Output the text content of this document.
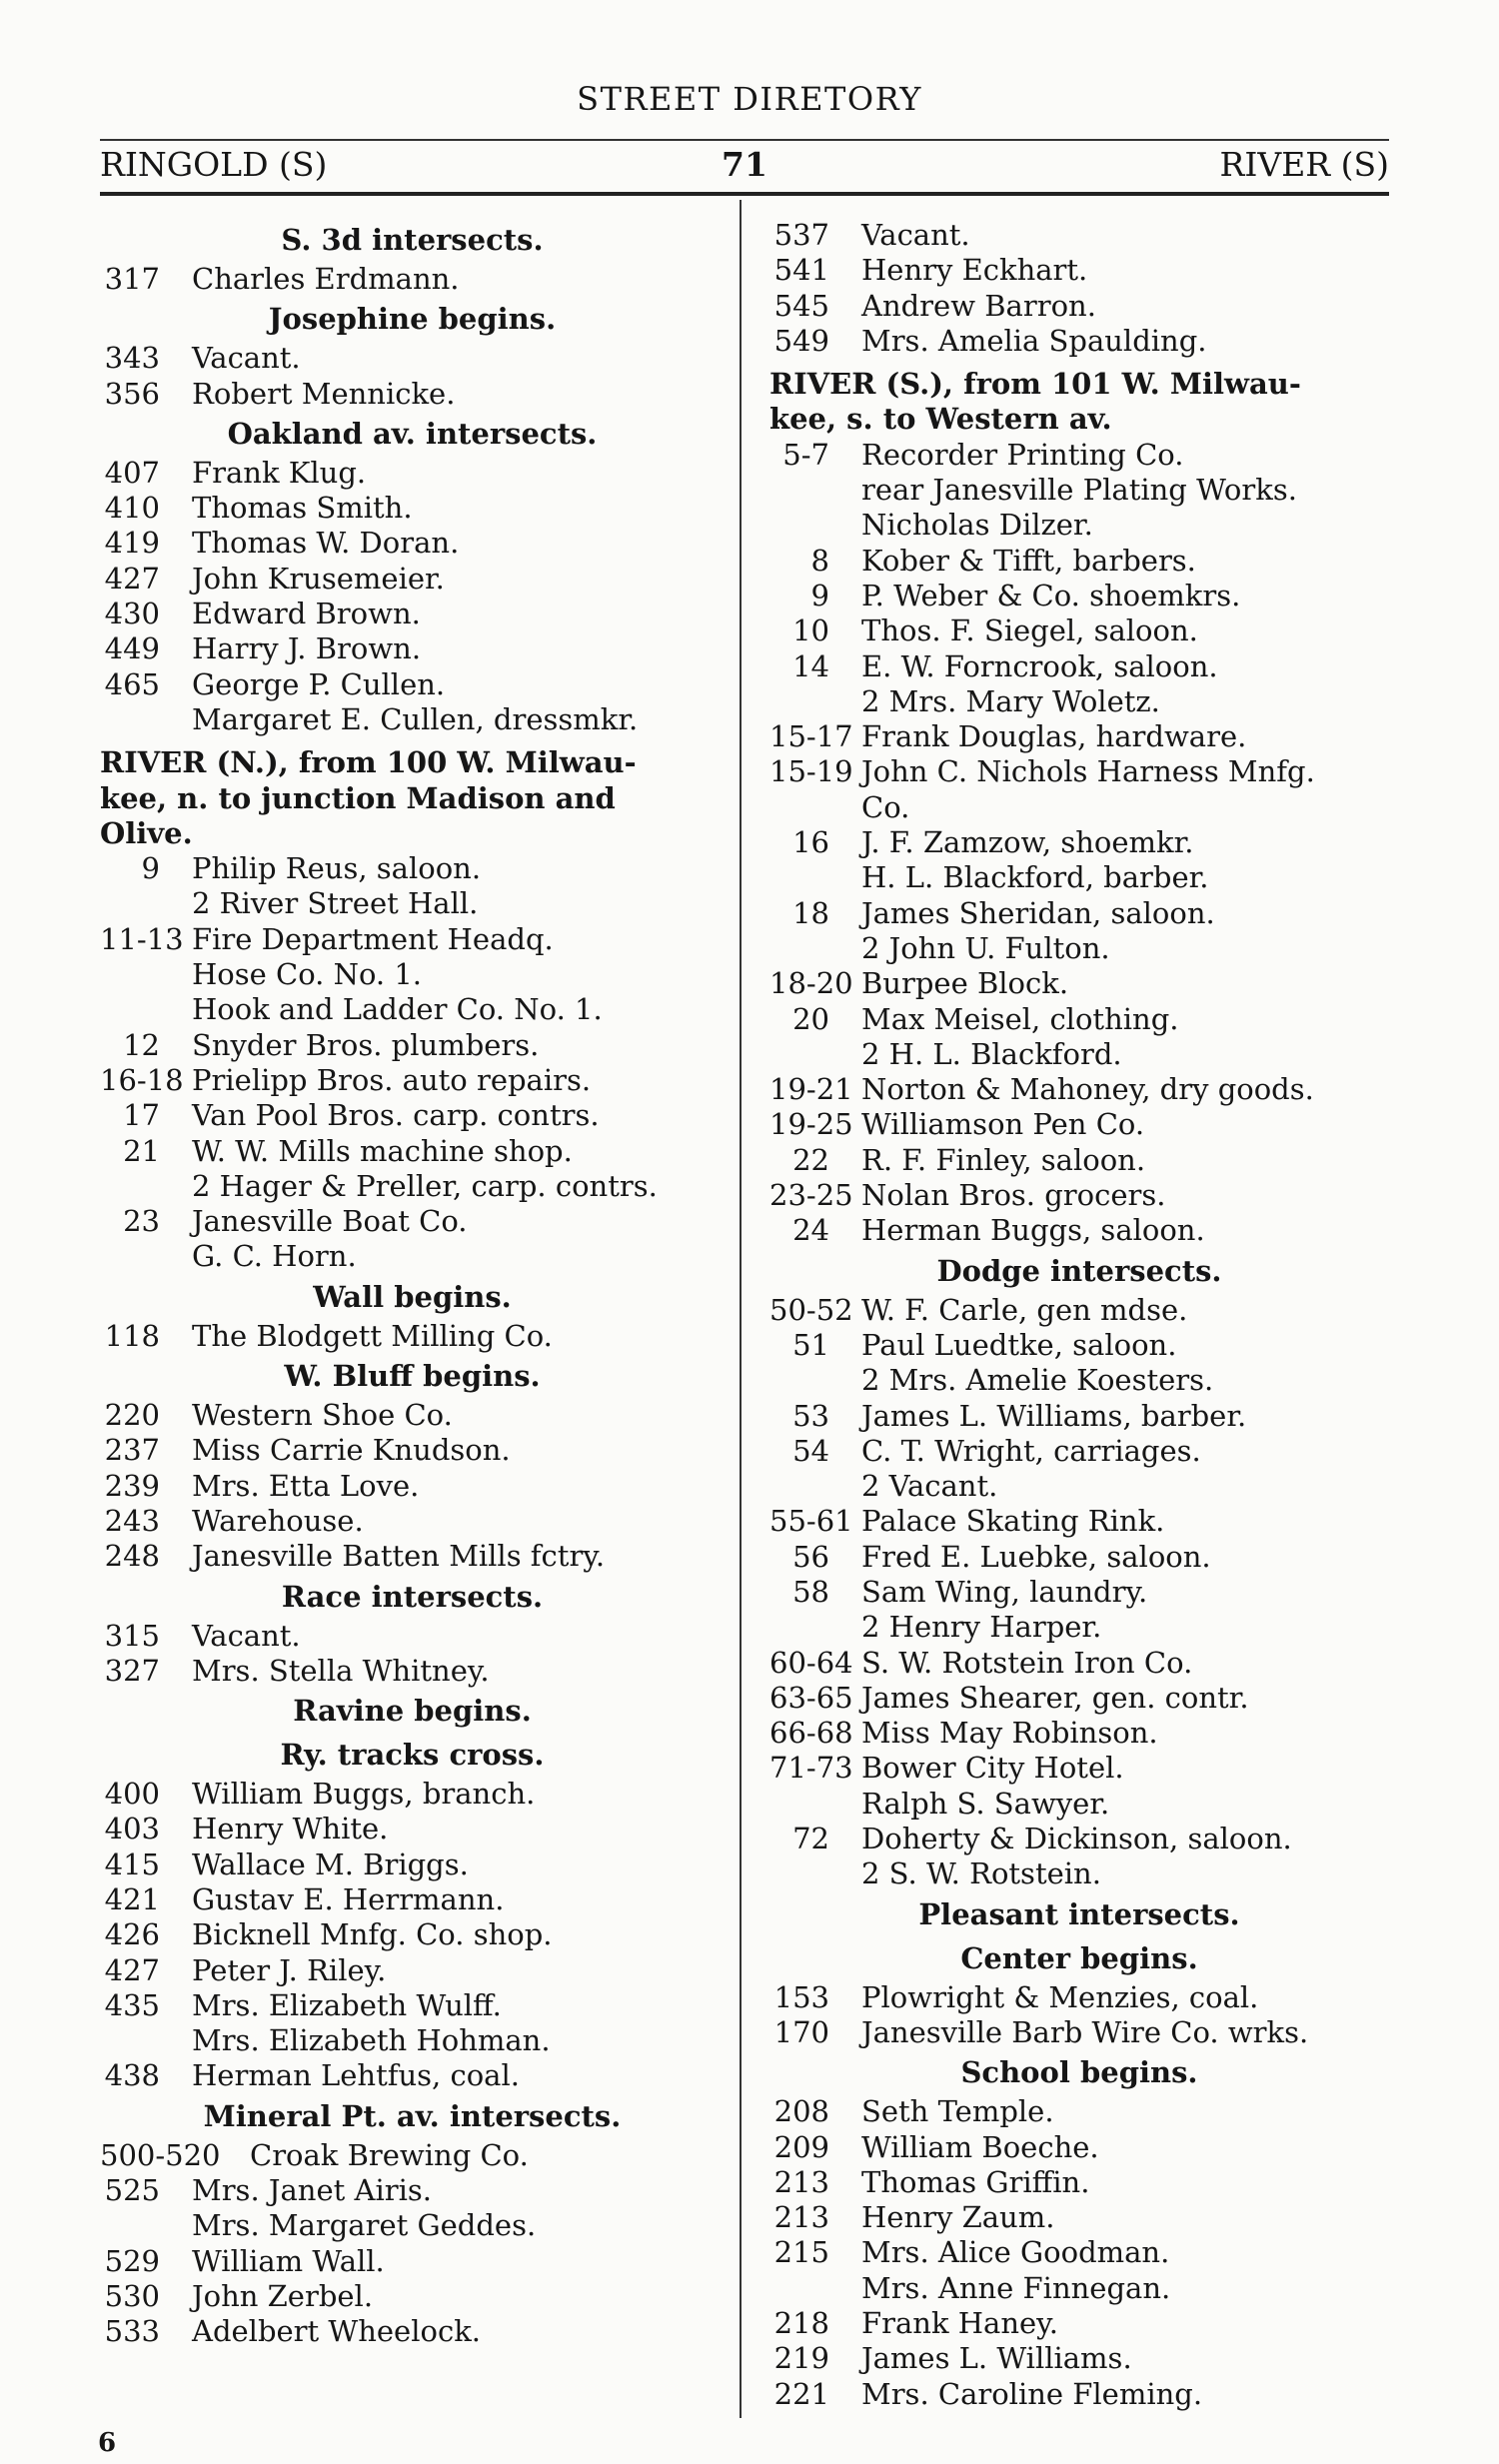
STREET DIRETORY
RINGOLD (S)	71	RIVER (S)
S. 3d intersects.
317 Charles Erdmann.
Josephine begins.
343 Vacant.
356 Robert Mennicke.
Oakland av. intersects.
407 Frank Klug.
410 Thomas Smith.
419 Thomas W. Doran.
427 John Krusemeier.
430 Edward Brown.
449 Harry J. Brown.
465 George P. Cullen.
Margaret E. Cullen, dressmkr.
RIVER (N.), from 100 W. Milwau-
kee, n. to junction Madison and
Olive.
9 Philip Reus, saloon.
2 River Street Hall.
11-13 Fire Department Headq.
Hose Co. No. 1.
Hook and Ladder Co. No. 1.
12 Snyder Bros. plumbers.
16-18 Prielipp Bros. auto repairs.
17 Van Pool Bros. carp. contrs.
21 W. W. Mills machine shop.
2 Hager & Preller, carp. contrs.
23 Janesville Boat Co.
G. C. Horn.
Wall begins.
118 The Blodgett Milling Co.
W. Bluff begins.
220 Western Shoe Co.
237 Miss Carrie Knudson.
239 Mrs. Etta Love.
243 Warehouse.
248 Janesville Batten Mills fctry.
Race intersects.
315 Vacant.
327 Mrs. Stella Whitney.
Ravine begins.
Ry. tracks cross.
400 William Buggs, branch.
403 Henry White.
415 Wallace M. Briggs.
421 Gustav E. Herrmann.
426 Bicknell Mnfg. Co. shop.
427 Peter J. Riley.
435 Mrs. Elizabeth Wulff.
Mrs. Elizabeth Hohman.
438 Herman Lehtfus, coal.
Mineral Pt. av. intersects.
500-520 Croak Brewing Co.
525 Mrs. Janet Airis.
Mrs. Margaret Geddes.
529 William Wall.
530 John Zerbel.
533 Adelbert Wheelock.
537 Vacant.
541 Henry Eckhart.
545 Andrew Barron.
549 Mrs. Amelia Spaulding.
RIVER (S.), from 101 W. Milwau-
kee, s. to Western av.
5-7 Recorder Printing Co.
rear Janesville Plating Works.
Nicholas Dilzer.
8 Kober & Tifft, barbers.
9 P. Weber & Co. shoemkrs.
10 Thos. F. Siegel, saloon.
14 E. W. Forncrook, saloon.
2 Mrs. Mary Woletz.
15-17 Frank Douglas, hardware.
15-19 John C. Nichols Harness Mnfg.
Co.
16 J. F. Zamzow, shoemkr.
H. L. Blackford, barber.
18 James Sheridan, saloon.
2 John U. Fulton.
18-20 Burpee Block.
20 Max Meisel, clothing.
2 H. L. Blackford.
19-21 Norton & Mahoney, dry goods.
19-25 Williamson Pen Co.
22 R. F. Finley, saloon.
23-25 Nolan Bros. grocers.
24 Herman Buggs, saloon.
Dodge intersects.
50-52 W. F. Carle, gen mdse.
51 Paul Luedtke, saloon.
2 Mrs. Amelie Koesters.
53 James L. Williams, barber.
54 C. T. Wright, carriages.
2 Vacant.
55-61 Palace Skating Rink.
56 Fred E. Luebke, saloon.
58 Sam Wing, laundry.
2 Henry Harper.
60-64 S. W. Rotstein Iron Co.
63-65 James Shearer, gen. contr.
66-68 Miss May Robinson.
71-73 Bower City Hotel.
Ralph S. Sawyer.
72 Doherty & Dickinson, saloon.
2 S. W. Rotstein.
Pleasant intersects.
Center begins.
153 Plowright & Menzies, coal.
170 Janesville Barb Wire Co. wrks.
School begins.
208 Seth Temple.
209 William Boeche.
213 Thomas Griffin.
213 Henry Zaum.
215 Mrs. Alice Goodman.
Mrs. Anne Finnegan.
218 Frank Haney.
219 James L. Williams.
221 Mrs. Caroline Fleming.
6
